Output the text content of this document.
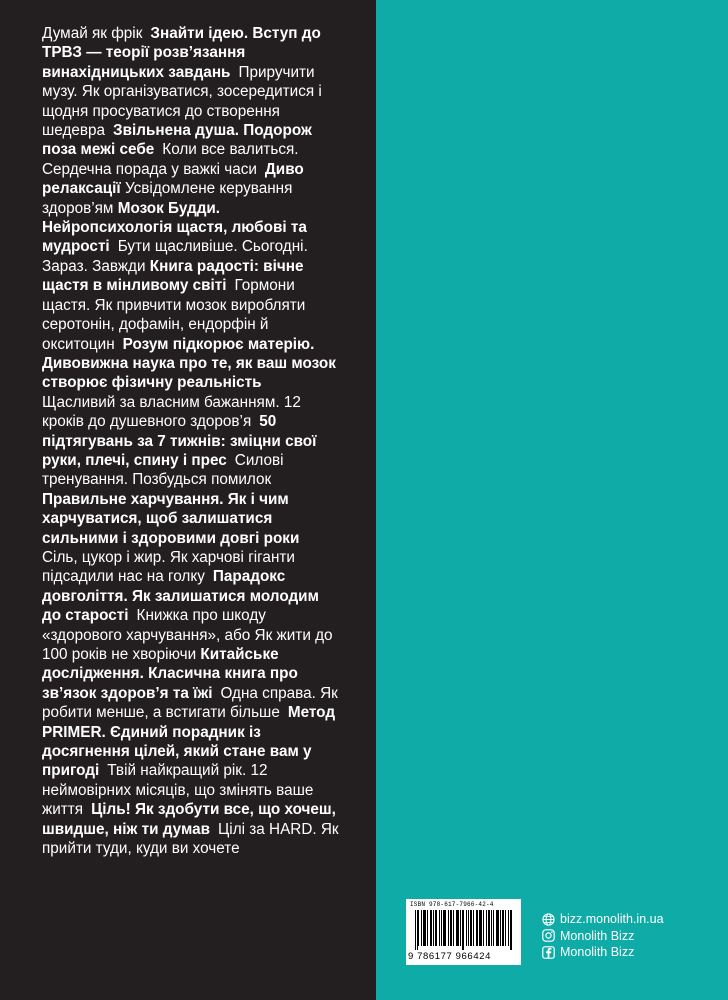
Думай як фрік Знайти ідею. Вступ до ТРВЗ — теорії розв’язання винахідницьких завдань Приручити музу. Як організуватися, зосередитися і щодня просуватися до створення шедевра Звільнена душа. Подорож поза межі себе Коли все валиться. Сердечна порада у важкі часи Диво релаксації Усвідомлене керування здоров’ям Мозок Будди. Нейропсихологія щастя, любові та мудрості Бути щасливіше. Сьогодні. Зараз. Завжди Книга радості: вічне щастя в мінливому світі Гормони щастя. Як привчити мозок виробляти серотонін, дофамін, ендорфін й окситоцин Розум підкорює матерію. Дивовижна наука про те, як ваш мозок створює фізичну реальністьЩасливий за власним бажанням. 12 кроків до душевного здоров’я 50 підтягувань за 7 тижнів: зміцни свої руки, плечі, спину і прес Силові тренування. Позбудься помилок Правильне харчування. Як і чим харчуватися, щоб залишатися сильними і здоровими довгі рокиСіль, цукор і жир. Як харчові гіганти підсадили нас на голку Парадокс довголіття. Як залишатися молодим до старості Книжка про шкоду «здорового харчування», або Як жити до 100 років не хворіючи Китайське дослідження. Класична книга про зв’язок здоров’я та їжі Одна справа. Як робити менше, а встигати більше Метод PRIMER. Єдиний порадник із досягнення цілей, який стане вам у пригоді Твій найкращий рік. 12 неймовірних місяців, що змінять ваше життя Ціль! Як здобути все, що хочеш, швидше, ніж ти думав Цілі за HARD. Як прийти туди, куди ви хочете
ISBN 978-617-7966-42-4
9 786177 966424
bizz.monolith.in.ua
Monolith Bizz
Monolith Bizz
